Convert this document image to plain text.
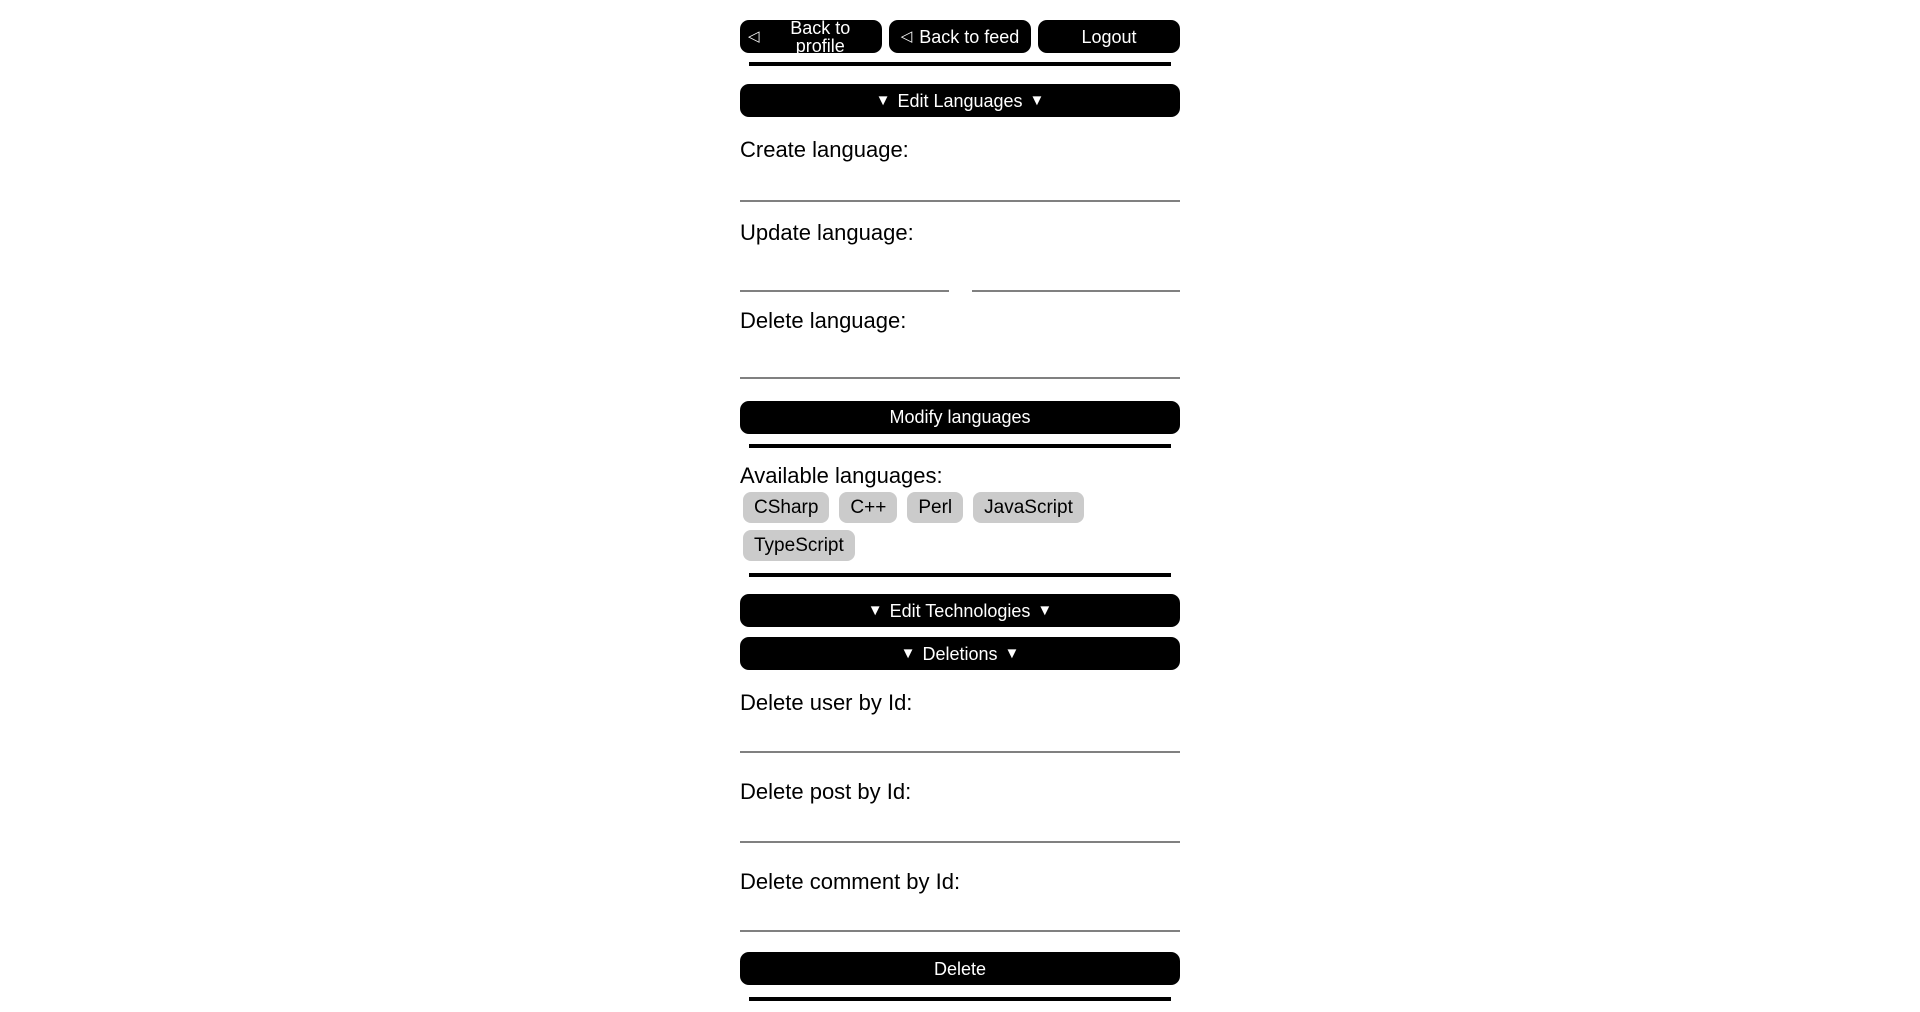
◁	Back to profile	◁ Back to feed	Logout
▼ Edit Languages ▼
Create language:
Update language:
Delete language:
Modify languages
Available languages:
CSharp	C++	Perl	JavaScript
TypeScript
▼ Edit Technologies ▼
▼ Deletions ▼
Delete user by Id:
Delete post by Id:
Delete comment by Id:
Delete
